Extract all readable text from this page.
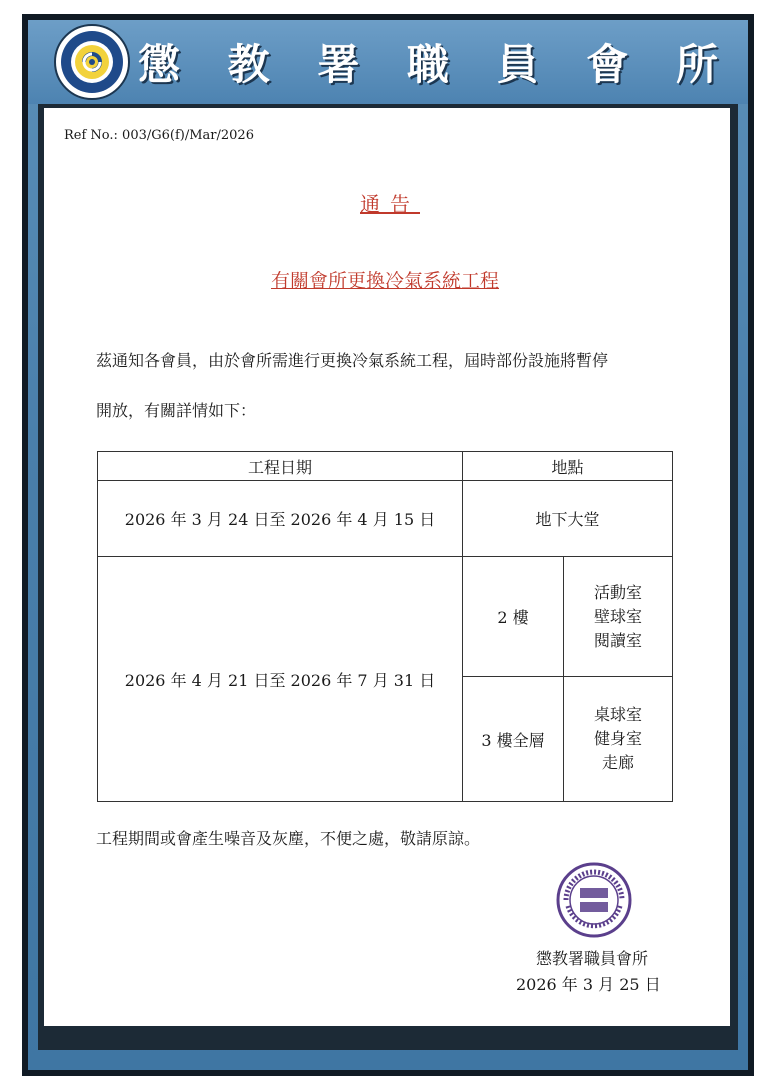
懲 教 署 職 員 會 所
Ref No.: 003/G6(f)/Mar/2026
通告
有關會所更換冷氣系統工程
茲通知各會員，由於會所需進行更換冷氣系統工程，屆時部份設施將暫停
開放，有關詳情如下：
工程日期	地點
2026 年 3 月 24 日至 2026 年 4 月 15 日	地下大堂
2026 年 4 月 21 日至 2026 年 7 月 31 日
2 樓
活動室
壁球室
閱讀室
3 樓全層
桌球室
健身室
走廊
工程期間或會產生噪音及灰塵，不便之處，敬請原諒。
懲教署職員會所
2026 年 3 月 25 日
